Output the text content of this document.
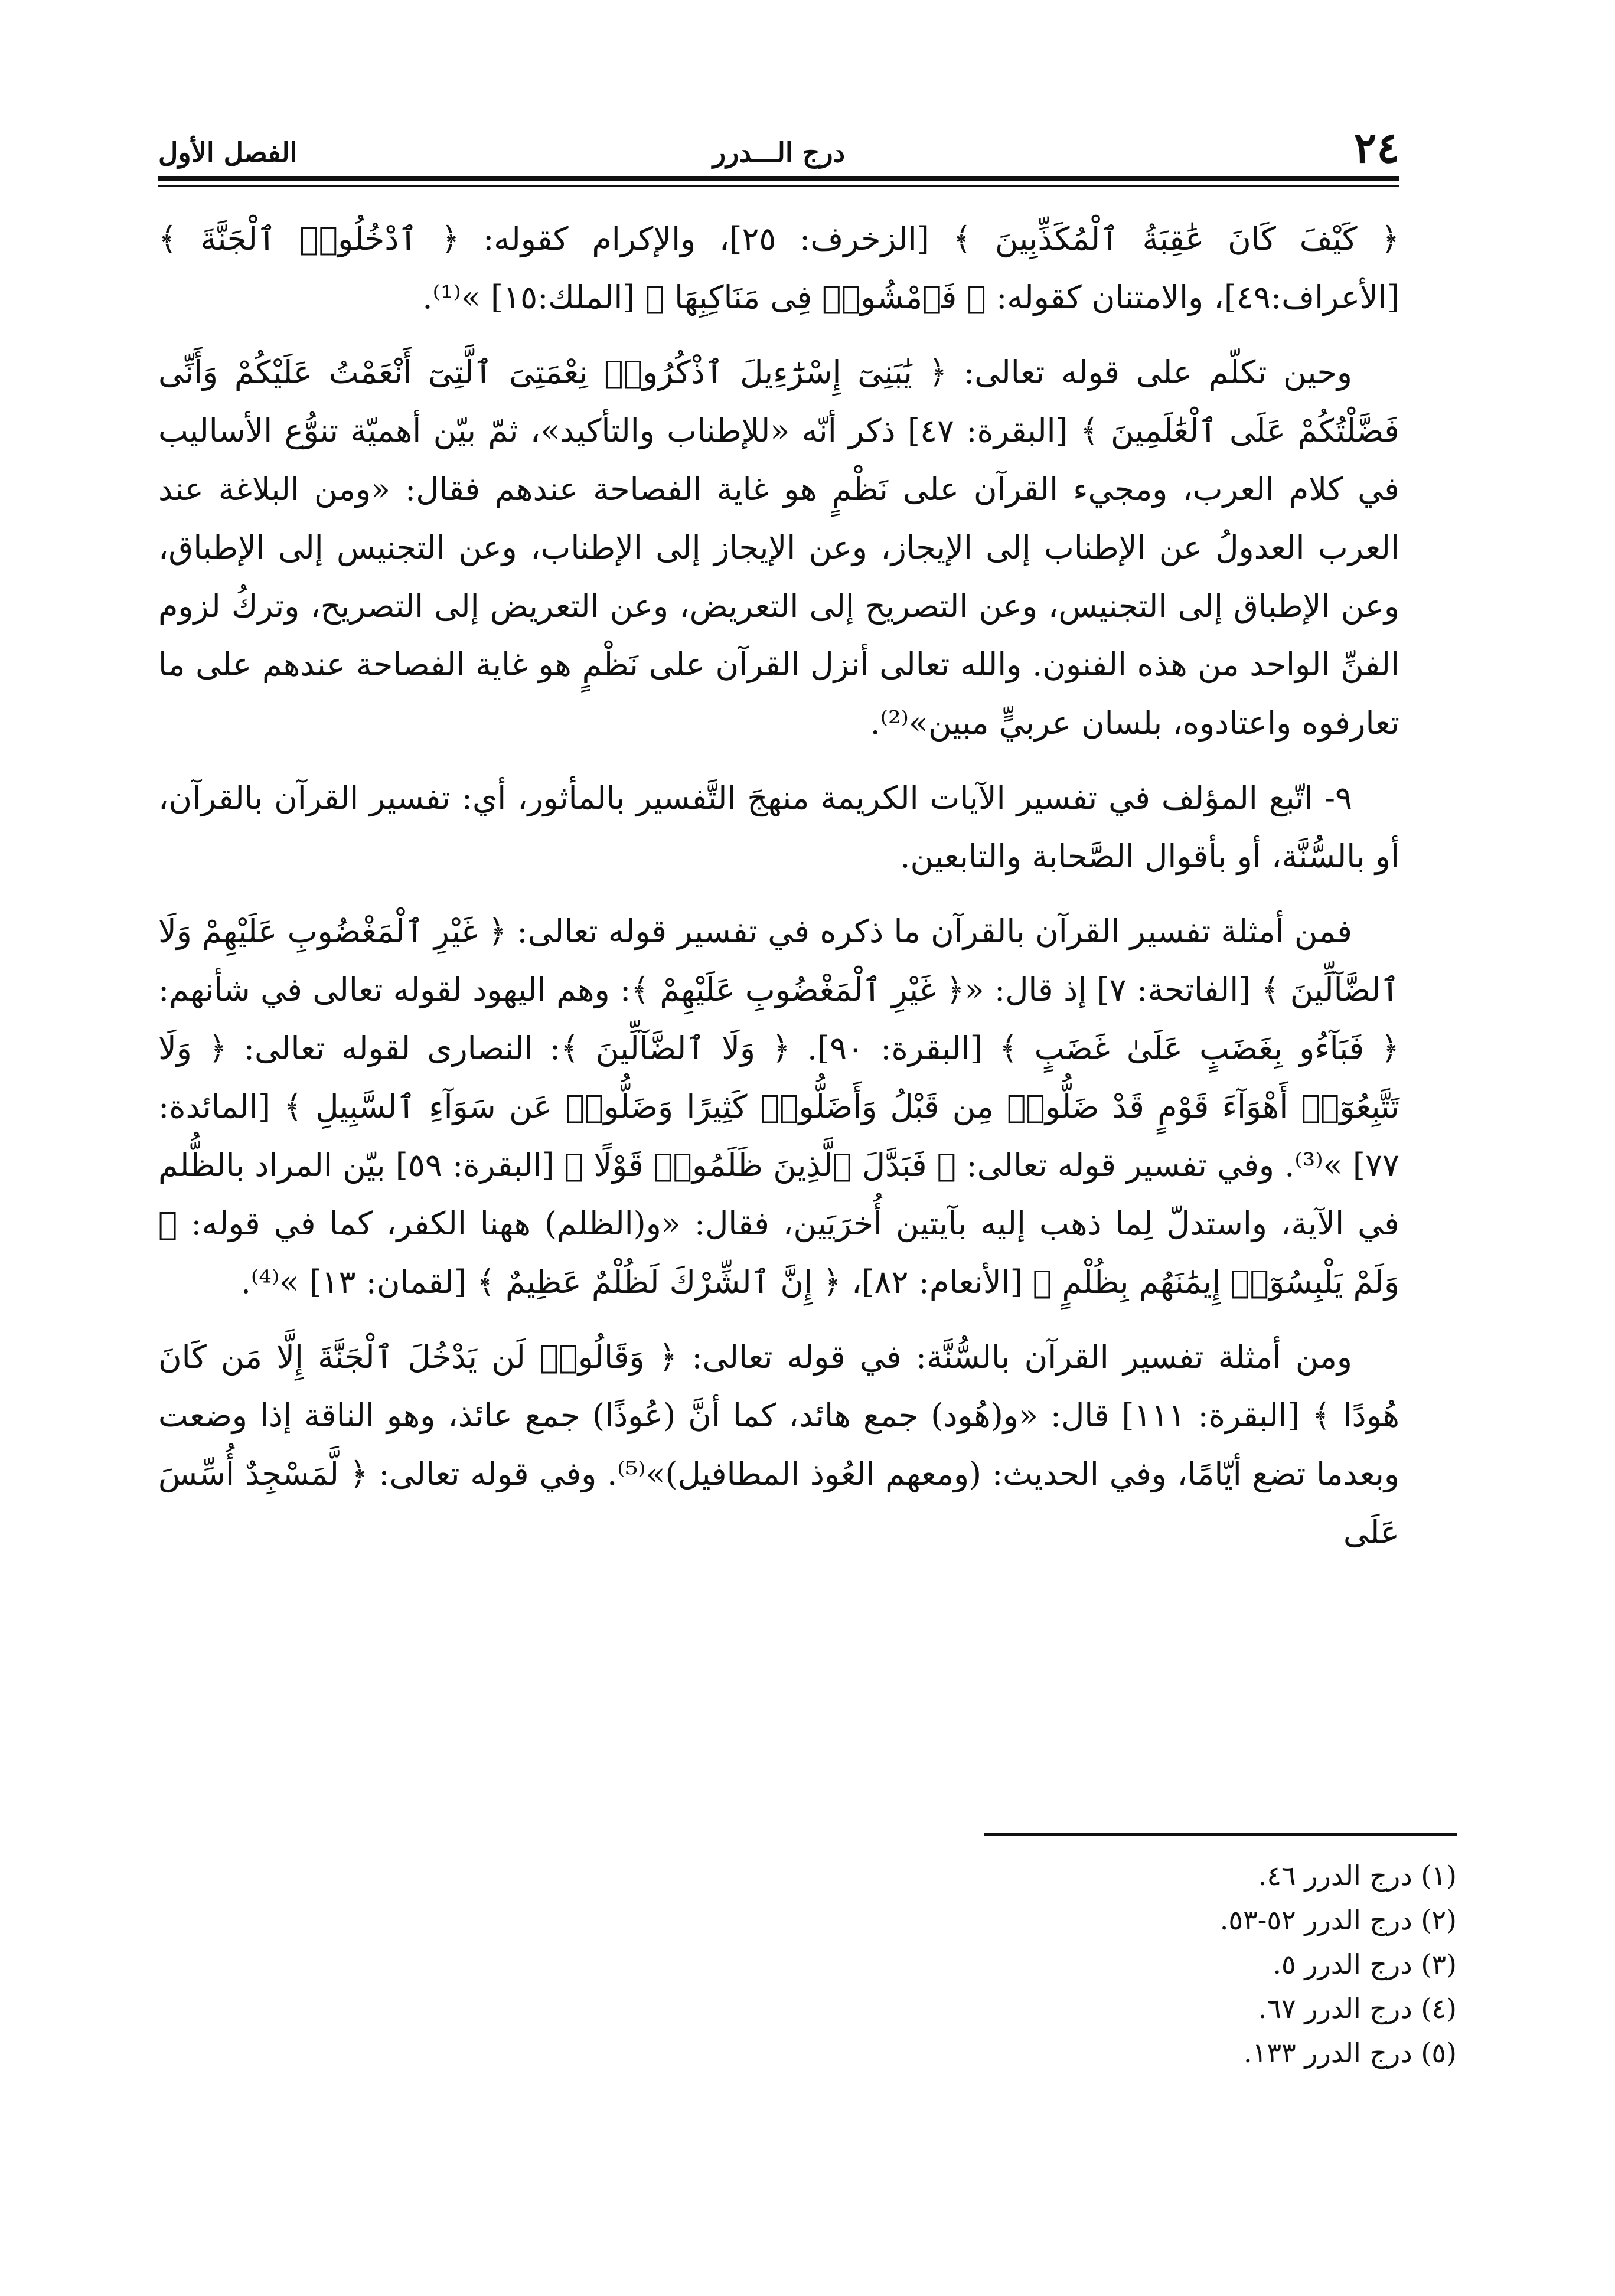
٢٤
درج الـــدرر
الفصل الأول

﴿ كَيْفَ كَانَ عَٰقِبَةُ ٱلْمُكَذِّبِينَ ﴾ [الزخرف: ٢٥]، والإكرام كقوله: ﴿ ٱدْخُلُوا۟ ٱلْجَنَّةَ ﴾ [الأعراف:٤٩]، والامتنان كقوله: ﴿ فَٱمْشُوا۟ فِى مَنَاكِبِهَا ﴾ [الملك:١٥] »⁽¹⁾.

وحين تكلّم على قوله تعالى: ﴿ يَٰبَنِىٓ إِسْرَٰٓءِيلَ ٱذْكُرُوا۟ نِعْمَتِىَ ٱلَّتِىٓ أَنْعَمْتُ عَلَيْكُمْ وَأَنِّى فَضَّلْتُكُمْ عَلَى ٱلْعَٰلَمِينَ ﴾ [البقرة: ٤٧] ذكر أنّه «للإطناب والتأكيد»، ثمّ بيّن أهميّة تنوُّع الأساليب في كلام العرب، ومجيء القرآن على نَظْمٍ هو غاية الفصاحة عندهم فقال: «ومن البلاغة عند العرب العدولُ عن الإطناب إلى الإيجاز، وعن الإيجاز إلى الإطناب، وعن التجنيس إلى الإطباق، وعن الإطباق إلى التجنيس، وعن التصريح إلى التعريض، وعن التعريض إلى التصريح، وتركُ لزوم الفنِّ الواحد من هذه الفنون. والله تعالى أنزل القرآن على نَظْمٍ هو غاية الفصاحة عندهم على ما تعارفوه واعتادوه، بلسان عربيٍّ مبين»⁽²⁾.

٩- اتّبع المؤلف في تفسير الآيات الكريمة منهجَ التَّفسير بالمأثور، أي: تفسير القرآن بالقرآن، أو بالسُّنَّة، أو بأقوال الصَّحابة والتابعين.

فمن أمثلة تفسير القرآن بالقرآن ما ذكره في تفسير قوله تعالى: ﴿ غَيْرِ ٱلْمَغْضُوبِ عَلَيْهِمْ وَلَا ٱلضَّآلِّينَ ﴾ [الفاتحة: ٧] إذ قال: «﴿ غَيْرِ ٱلْمَغْضُوبِ عَلَيْهِمْ ﴾: وهم اليهود لقوله تعالى في شأنهم: ﴿ فَبَآءُو بِغَضَبٍ عَلَىٰ غَضَبٍ ﴾ [البقرة: ٩٠]. ﴿ وَلَا ٱلضَّآلِّينَ ﴾: النصارى لقوله تعالى: ﴿ وَلَا تَتَّبِعُوٓا۟ أَهْوَآءَ قَوْمٍ قَدْ ضَلُّوا۟ مِن قَبْلُ وَأَضَلُّوا۟ كَثِيرًا وَضَلُّوا۟ عَن سَوَآءِ ٱلسَّبِيلِ ﴾ [المائدة: ٧٧] »⁽³⁾. وفي تفسير قوله تعالى: ﴿ فَبَدَّلَ ٱلَّذِينَ ظَلَمُوا۟ قَوْلًا ﴾ [البقرة: ٥٩] بيّن المراد بالظُّلم في الآية، واستدلّ لِما ذهب إليه بآيتين أُخرَيَين، فقال: «و(الظلم) ههنا الكفر، كما في قوله: ﴿ وَلَمْ يَلْبِسُوٓا۟ إِيمَٰنَهُم بِظُلْمٍ ﴾ [الأنعام: ٨٢]، ﴿ إِنَّ ٱلشِّرْكَ لَظُلْمٌ عَظِيمٌ ﴾ [لقمان: ١٣] »⁽⁴⁾.

ومن أمثلة تفسير القرآن بالسُّنَّة: في قوله تعالى: ﴿ وَقَالُوا۟ لَن يَدْخُلَ ٱلْجَنَّةَ إِلَّا مَن كَانَ هُودًا ﴾ [البقرة: ١١١] قال: «و(هُود) جمع هائد، كما أنَّ (عُوذًا) جمع عائذ، وهو الناقة إذا وضعت وبعدما تضع أيّامًا، وفي الحديث: (ومعهم العُوذ المطافيل)»⁽⁵⁾. وفي قوله تعالى: ﴿ لَّمَسْجِدٌ أُسِّسَ عَلَى

(١) درج الدرر ٤٦.
(٢) درج الدرر ٥٢-٥٣.
(٣) درج الدرر ٥.
(٤) درج الدرر ٦٧.
(٥) درج الدرر ١٣٣.
